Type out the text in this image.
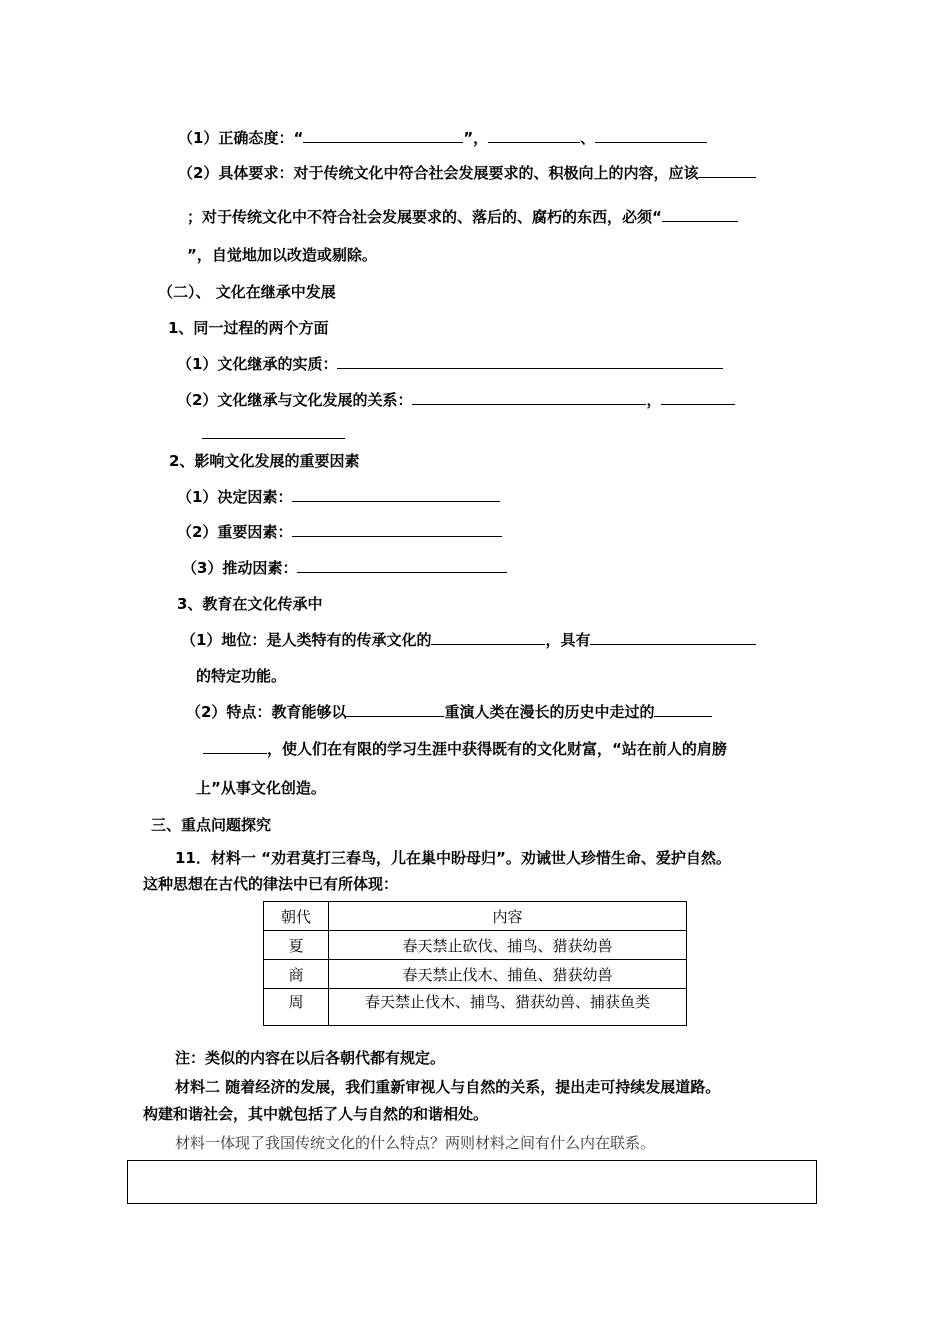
（1）正确态度：“	”，	、
（2）具体要求：对于传统文化中符合社会发展要求的、积极向上的内容，应该
；对于传统文化中不符合社会发展要求的、落后的、腐朽的东西，必须“
”，自觉地加以改造或剔除。
（二）、 文化在继承中发展
1、同一过程的两个方面
（1）文化继承的实质：
（2）文化继承与文化发展的关系：	，
2、影响文化发展的重要因素
（1）决定因素：
（2）重要因素：
（3）推动因素：
3、教育在文化传承中
（1）地位：是人类特有的传承文化的	，具有
的特定功能。
（2）特点：教育能够以	重演人类在漫长的历史中走过的
，使人们在有限的学习生涯中获得既有的文化财富，“站在前人的肩膀
上”从事文化创造。
三、重点问题探究
11．材料一 “劝君莫打三春鸟，儿在巢中盼母归”。劝诫世人珍惜生命、爱护自然。
这种思想在古代的律法中已有所体现：
朝代	内容
夏	春天禁止砍伐、捕鸟、猎获幼兽
商	春天禁止伐木、捕鱼、猎获幼兽
周	春天禁止伐木、捕鸟、猎获幼兽、捕获鱼类
注：类似的内容在以后各朝代都有规定。
材料二 随着经济的发展，我们重新审视人与自然的关系，提出走可持续发展道路。
构建和谐社会，其中就包括了人与自然的和谐相处。
材料一体现了我国传统文化的什么特点？两则材料之间有什么内在联系。
